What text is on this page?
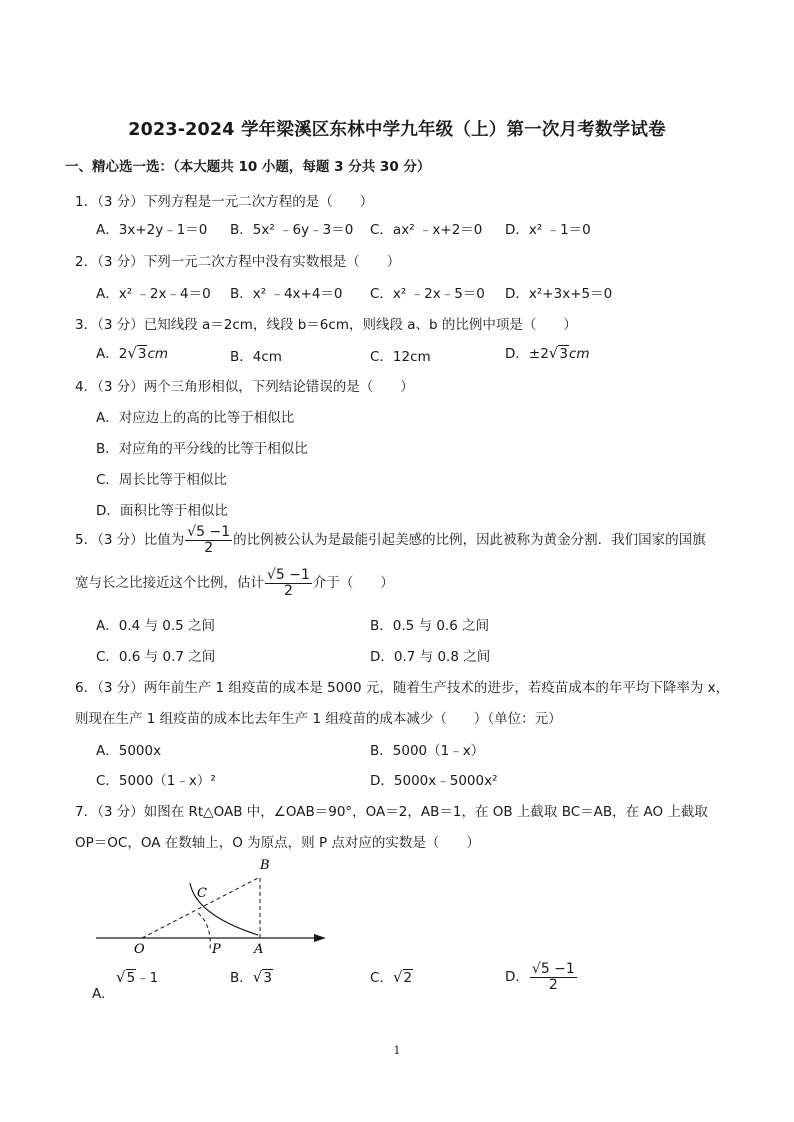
2023-2024 学年梁溪区东林中学九年级（上）第一次月考数学试卷
一、精心选一选：（本大题共 10 小题，每题 3 分共 30 分）
1．（3 分）下列方程是一元二次方程的是（　　）
A．3x+2y﹣1＝0 B．5x² ﹣6y﹣3＝0 C．ax² ﹣x+2＝0 D．x² ﹣1＝0
2．（3 分）下列一元二次方程中没有实数根是（　　）
A．x² ﹣2x﹣4＝0 B．x² ﹣4x+4＝0 C．x² ﹣2x﹣5＝0 D．x²+3x+5＝0
3．（3 分）已知线段 a＝2cm，线段 b＝6cm，则线段 a、b 的比例中项是（　　）
A．2√3cm	B．4cm	C．12cm	D．±2√3cm
4．（3 分）两个三角形相似，下列结论错误的是（　　）
A．对应边上的高的比等于相似比
B．对应角的平分线的比等于相似比
C．周长比等于相似比
D．面积比等于相似比
5．（3 分）比值为 $\frac{√5 -1}{2}$ 的比例被公认为是最能引起美感的比例，因此被称为黄金分割．我们国家的国旗
宽与长之比接近这个比例，估计 $\frac{√5 -1}{2}$ 介于（　　）
A．0.4 与 0.5 之间	B．0.5 与 0.6 之间
C．0.6 与 0.7 之间	D．0.7 与 0.8 之间
6．（3 分）两年前生产 1 组疫苗的成本是 5000 元，随着生产技术的进步，若疫苗成本的年平均下降率为 x，
则现在生产 1 组疫苗的成本比去年生产 1 组疫苗的成本减少（　　）（单位：元）
A．5000x	B．5000（1﹣x）
C．5000（1﹣x）²	D．5000x﹣5000x²
7．（3 分）如图在 Rt△OAB 中，∠OAB＝90°，OA＝2，AB＝1，在 OB 上截取 BC＝AB，在 AO 上截取
OP＝OC，OA 在数轴上，O 为原点，则 P 点对应的实数是（　　）
O	P	A
B
C
A.
√5﹣1	B．√3	C．√2	D． $\frac{√5 -1}{2}$
1
